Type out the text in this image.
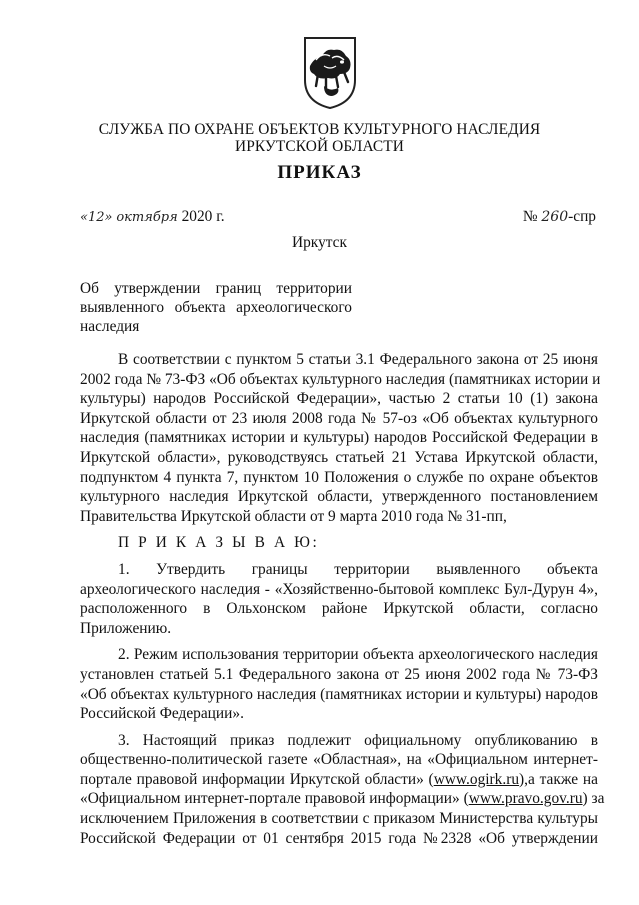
СЛУЖБА ПО ОХРАНЕ ОБЪЕКТОВ КУЛЬТУРНОГО НАСЛЕДИЯ
ИРКУТСКОЙ ОБЛАСТИ
ПРИКАЗ
«12» октября 2020 г.	№ 260-спр
Иркутск
Об утверждении границ территории
выявленного объекта археологического
наследия
В соответствии с пунктом 5 статьи 3.1 Федерального закона от 25 июня
2002 года № 73-ФЗ «Об объектах культурного наследия (памятниках истории и
культуры) народов Российской Федерации», частью 2 статьи 10 (1) закона
Иркутской области от 23 июля 2008 года № 57-оз «Об объектах культурного
наследия (памятниках истории и культуры) народов Российской Федерации в
Иркутской области», руководствуясь статьей 21 Устава Иркутской области,
подпунктом 4 пункта 7, пунктом 10 Положения о службе по охране объектов
культурного наследия Иркутской области, утвержденного постановлением
Правительства Иркутской области от 9 марта 2010 года № 31-пп,
П Р И К А З Ы В А Ю:
1. Утвердить границы территории выявленного объекта
археологического наследия - «Хозяйственно-бытовой комплекс Бул-Дурун 4»,
расположенного в Ольхонском районе Иркутской области, согласно
Приложению.
2. Режим использования территории объекта археологического наследия
установлен статьей 5.1 Федерального закона от 25 июня 2002 года № 73-ФЗ
«Об объектах культурного наследия (памятниках истории и культуры) народов
Российской Федерации».
3. Настоящий приказ подлежит официальному опубликованию в
общественно-политической газете «Областная», на «Официальном интернет-
портале правовой информации Иркутской области» (www.ogirk.ru),а также на
«Официальном интернет-портале правовой информации» (www.pravo.gov.ru) за
исключением Приложения в соответствии с приказом Министерства культуры
Российской Федерации от 01 сентября 2015 года №2328 «Об утверждении
